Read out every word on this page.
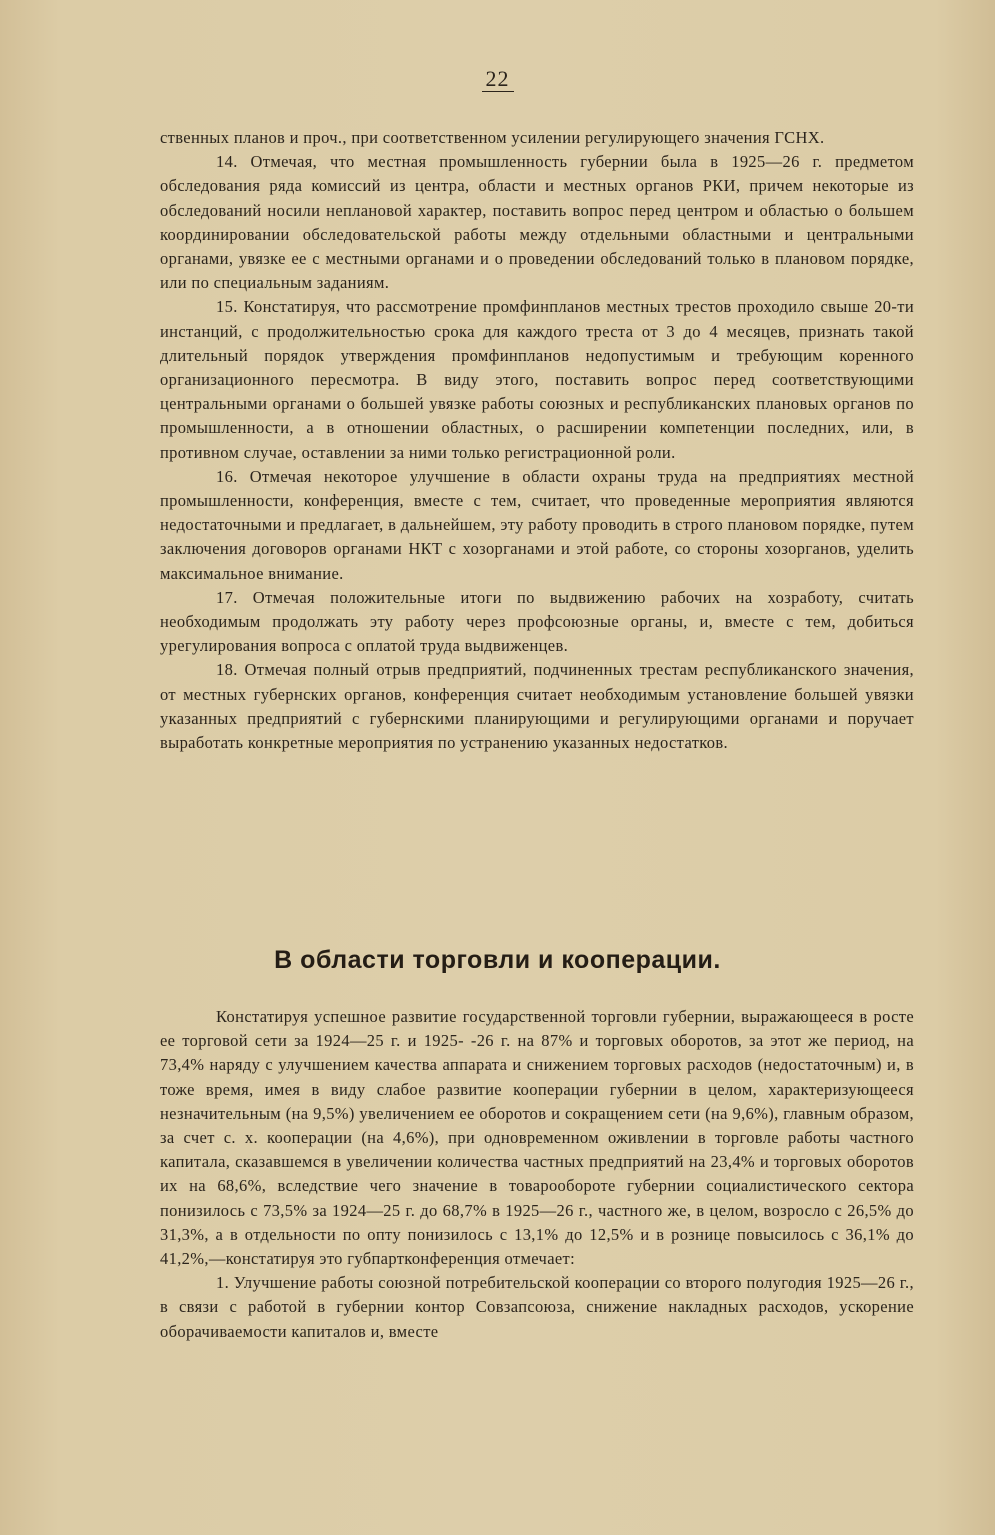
22

ственных планов и проч., при соответственном усилении регулирующего значения ГСНХ.

14. Отмечая, что местная промышленность губернии была в 1925—26 г. предметом обследования ряда комиссий из центра, области и местных органов РКИ, причем некоторые из обследований носили неплановой характер, поставить вопрос перед центром и областью о большем координировании обследовательской работы между отдельными областными и центральными органами, увязке ее с местными органами и о проведении обследований только в плановом порядке, или по специальным заданиям.

15. Констатируя, что рассмотрение промфинпланов местных трестов проходило свыше 20-ти инстанций, с продолжительностью срока для каждого треста от 3 до 4 месяцев, признать такой длительный порядок утверждения промфинпланов недопустимым и требующим коренного организационного пересмотра. В виду этого, поставить вопрос перед соответствующими центральными органами о большей увязке работы союзных и республиканских плановых органов по промышленности, а в отношении областных, о расширении компетенции последних, или, в противном случае, оставлении за ними только регистрационной роли.

16. Отмечая некоторое улучшение в области охраны труда на предприятиях местной промышленности, конференция, вместе с тем, считает, что проведенные мероприятия являются недостаточными и предлагает, в дальнейшем, эту работу проводить в строго плановом порядке, путем заключения договоров органами НКТ с хозорганами и этой работе, со стороны хозорганов, уделить максимальное внимание.

17. Отмечая положительные итоги по выдвижению рабочих на хозработу, считать необходимым продолжать эту работу через профсоюзные органы, и, вместе с тем, добиться урегулирования вопроса с оплатой труда выдвиженцев.

18. Отмечая полный отрыв предприятий, подчиненных трестам республиканского значения, от местных губернских органов, конференция считает необходимым установление большей увязки указанных предприятий с губернскими планирующими и регулирующими органами и поручает выработать конкретные мероприятия по устранению указанных недостатков.

В области торговли и кооперации.

Констатируя успешное развитие государственной торговли губернии, выражающееся в росте ее торговой сети за 1924—25 г. и 1925- -26 г. на 87% и торговых оборотов, за этот же период, на 73,4% наряду с улучшением качества аппарата и снижением торговых расходов (недостаточным) и, в тоже время, имея в виду слабое развитие кооперации губернии в целом, характеризующееся незначительным (на 9,5%) увеличением ее оборотов и сокращением сети (на 9,6%), главным образом, за счет с. х. кооперации (на 4,6%), при одновременном оживлении в торговле работы частного капитала, сказавшемся в увеличении количества частных предприятий на 23,4% и торговых оборотов их на 68,6%, вследствие чего значение в товарообороте губернии социалистического сектора понизилось с 73,5% за 1924—25 г. до 68,7% в 1925—26 г., частного же, в целом, возросло с 26,5% до 31,3%, а в отдельности по опту понизилось с 13,1% до 12,5% и в рознице повысилось с 36,1% до 41,2%,—констатируя это губпартконференция отмечает:

1. Улучшение работы союзной потребительской кооперации со второго полугодия 1925—26 г., в связи с работой в губернии контор Совзапсоюза, снижение накладных расходов, ускорение оборачиваемости капиталов и, вместе
